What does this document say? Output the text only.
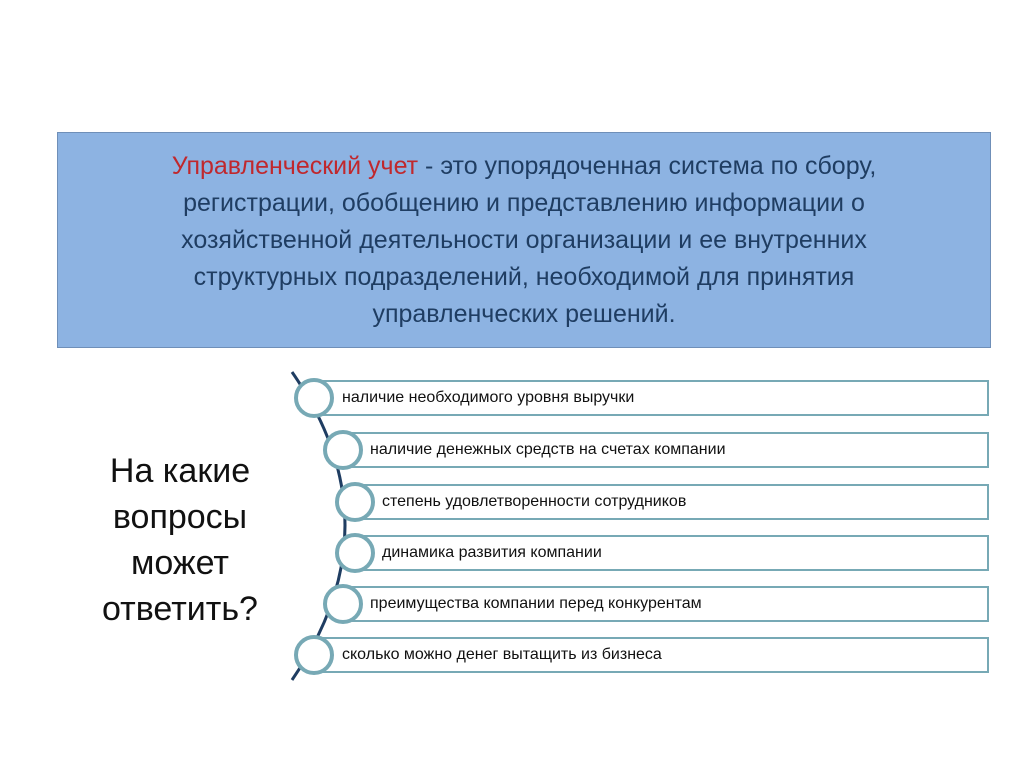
Управленческий учет - это упорядоченная система по сбору, регистрации, обобщению и представлению информации о хозяйственной деятельности организации и ее внутренних структурных подразделений, необходимой для принятия управленческих решений.
На какие вопросы может ответить?
наличие необходимого уровня выручки
наличие денежных средств на счетах компании
степень удовлетворенности сотрудников
динамика развития компании
преимущества компании перед конкурентам
сколько можно денег вытащить из бизнеса
